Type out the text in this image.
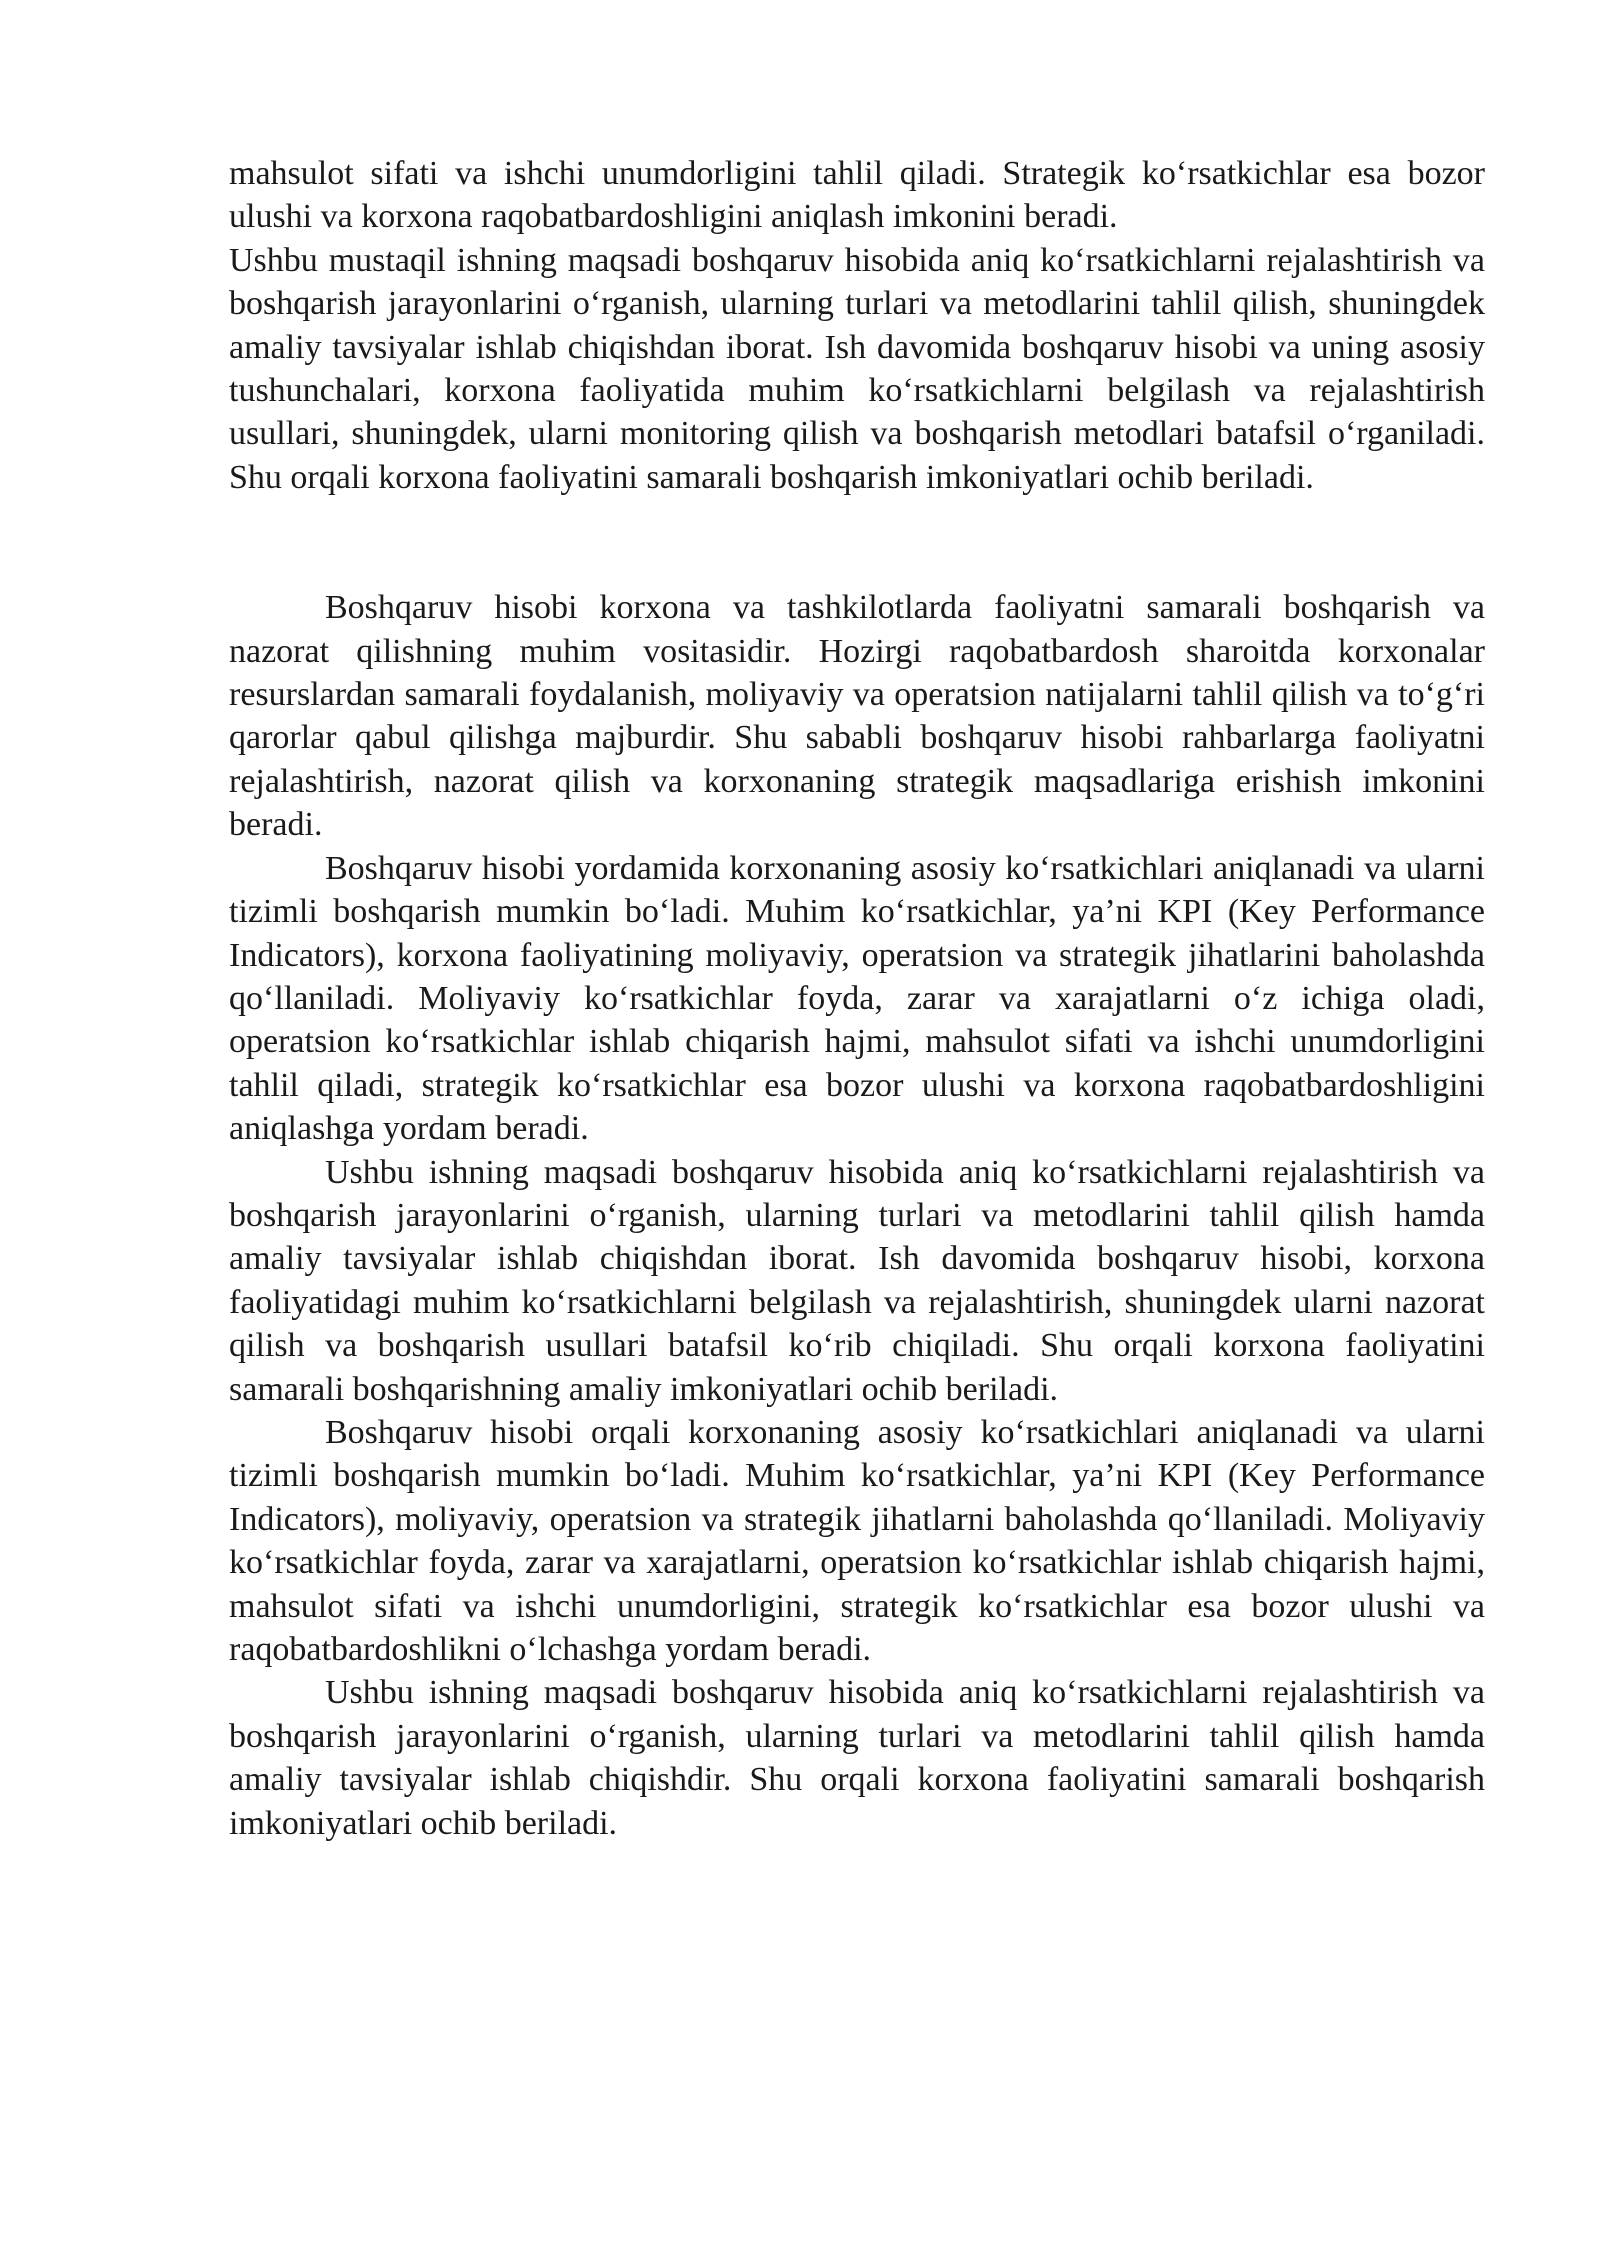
mahsulot sifati va ishchi unumdorligini tahlil qiladi. Strategik ko‘rsatkichlar esa bozor ulushi va korxona raqobatbardoshligini aniqlash imkonini beradi.

Ushbu mustaqil ishning maqsadi boshqaruv hisobida aniq ko‘rsatkichlarni rejalashtirish va boshqarish jarayonlarini o‘rganish, ularning turlari va metodlarini tahlil qilish, shuningdek amaliy tavsiyalar ishlab chiqishdan iborat. Ish davomida boshqaruv hisobi va uning asosiy tushunchalari, korxona faoliyatida muhim ko‘rsatkichlarni belgilash va rejalashtirish usullari, shuningdek, ularni monitoring qilish va boshqarish metodlari batafsil o‘rganiladi. Shu orqali korxona faoliyatini samarali boshqarish imkoniyatlari ochib beriladi.

Boshqaruv hisobi korxona va tashkilotlarda faoliyatni samarali boshqarish va nazorat qilishning muhim vositasidir. Hozirgi raqobatbardosh sharoitda korxonalar resurslardan samarali foydalanish, moliyaviy va operatsion natijalarni tahlil qilish va to‘g‘ri qarorlar qabul qilishga majburdir. Shu sababli boshqaruv hisobi rahbarlarga faoliyatni rejalashtirish, nazorat qilish va korxonaning strategik maqsadlariga erishish imkonini beradi.

Boshqaruv hisobi yordamida korxonaning asosiy ko‘rsatkichlari aniqlanadi va ularni tizimli boshqarish mumkin bo‘ladi. Muhim ko‘rsatkichlar, ya’ni KPI (Key Performance Indicators), korxona faoliyatining moliyaviy, operatsion va strategik jihatlarini baholashda qo‘llaniladi. Moliyaviy ko‘rsatkichlar foyda, zarar va xarajatlarni o‘z ichiga oladi, operatsion ko‘rsatkichlar ishlab chiqarish hajmi, mahsulot sifati va ishchi unumdorligini tahlil qiladi, strategik ko‘rsatkichlar esa bozor ulushi va korxona raqobatbardoshligini aniqlashga yordam beradi.

Ushbu ishning maqsadi boshqaruv hisobida aniq ko‘rsatkichlarni rejalashtirish va boshqarish jarayonlarini o‘rganish, ularning turlari va metodlarini tahlil qilish hamda amaliy tavsiyalar ishlab chiqishdan iborat. Ish davomida boshqaruv hisobi, korxona faoliyatidagi muhim ko‘rsatkichlarni belgilash va rejalashtirish, shuningdek ularni nazorat qilish va boshqarish usullari batafsil ko‘rib chiqiladi. Shu orqali korxona faoliyatini samarali boshqarishning amaliy imkoniyatlari ochib beriladi.

Boshqaruv hisobi orqali korxonaning asosiy ko‘rsatkichlari aniqlanadi va ularni tizimli boshqarish mumkin bo‘ladi. Muhim ko‘rsatkichlar, ya’ni KPI (Key Performance Indicators), moliyaviy, operatsion va strategik jihatlarni baholashda qo‘llaniladi. Moliyaviy ko‘rsatkichlar foyda, zarar va xarajatlarni, operatsion ko‘rsatkichlar ishlab chiqarish hajmi, mahsulot sifati va ishchi unumdorligini, strategik ko‘rsatkichlar esa bozor ulushi va raqobatbardoshlikni o‘lchashga yordam beradi.

Ushbu ishning maqsadi boshqaruv hisobida aniq ko‘rsatkichlarni rejalashtirish va boshqarish jarayonlarini o‘rganish, ularning turlari va metodlarini tahlil qilish hamda amaliy tavsiyalar ishlab chiqishdir. Shu orqali korxona faoliyatini samarali boshqarish imkoniyatlari ochib beriladi.
